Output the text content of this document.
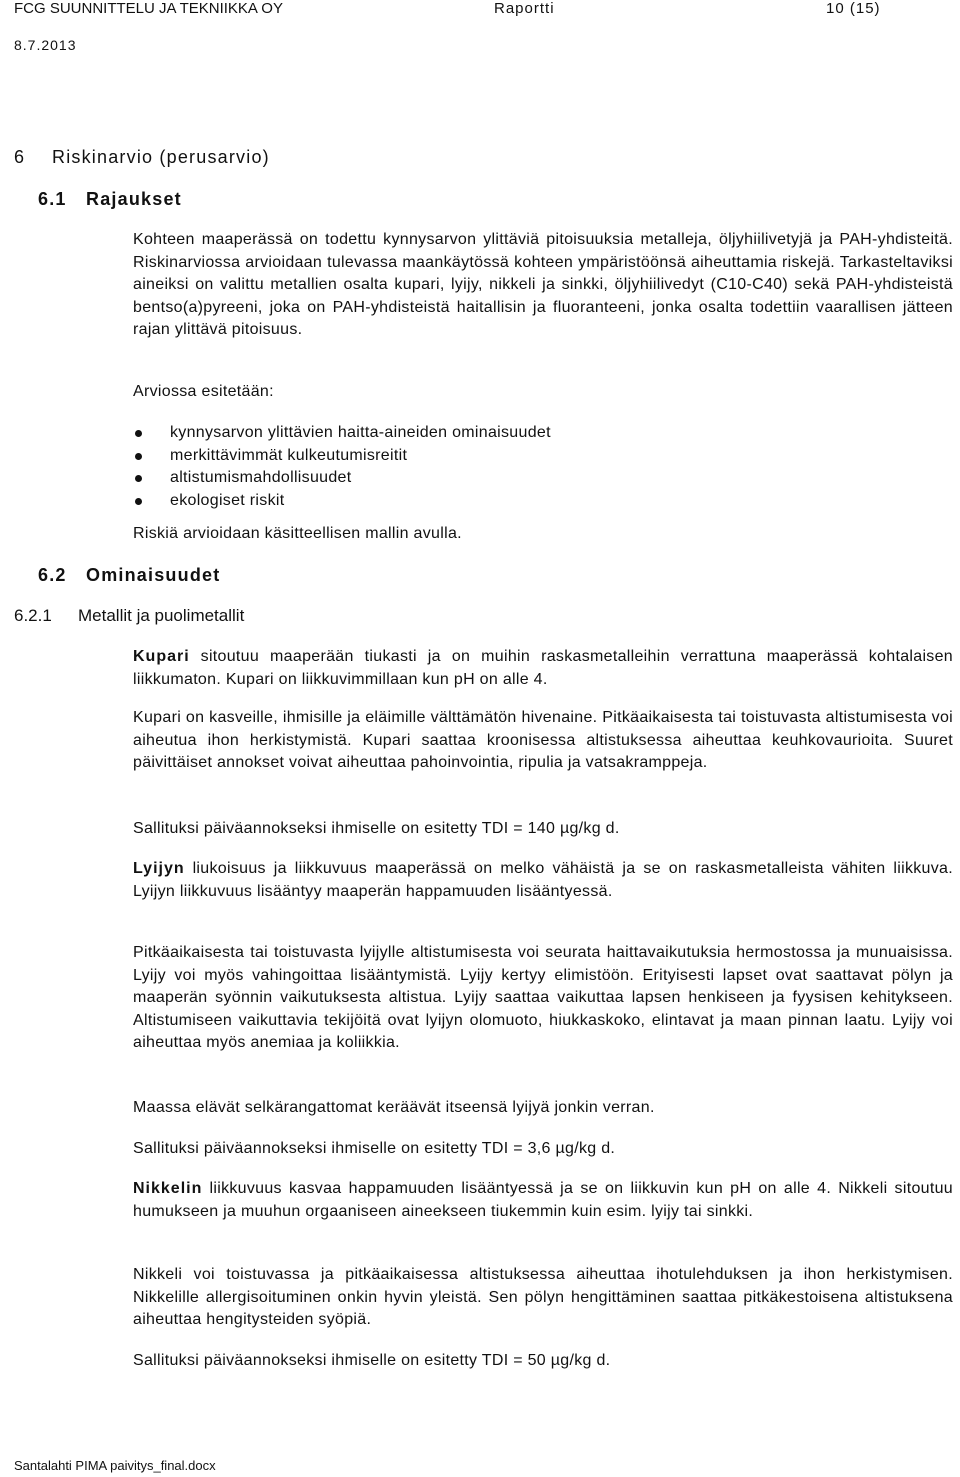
FCG SUUNNITTELU JA TEKNIIKKA OY	Raportti	10 (15)
8.7.2013
6 Riskinarvio (perusarvio)
6.1 Rajaukset
Kohteen maaperässä on todettu kynnysarvon ylittäviä pitoisuuksia metalleja, öljyhiilivetyjä ja PAH-yhdisteitä. Riskinarviossa arvioidaan tulevassa maankäytössä kohteen ympäristöönsä aiheuttamia riskejä. Tarkasteltaviksi aineiksi on valittu metallien osalta kupari, lyijy, nikkeli ja sinkki, öljyhiilivedyt (C10-C40) sekä PAH-yhdisteistä bentso(a)pyreeni, joka on PAH-yhdisteistä haitallisin ja fluoranteeni, jonka osalta todettiin vaarallisen jätteen rajan ylittävä pitoisuus.
Arviossa esitetään:
kynnysarvon ylittävien haitta-aineiden ominaisuudet
merkittävimmät kulkeutumisreitit
altistumismahdollisuudet
ekologiset riskit
Riskiä arvioidaan käsitteellisen mallin avulla.
6.2 Ominaisuudet
6.2.1 Metallit ja puolimetallit
Kupari sitoutuu maaperään tiukasti ja on muihin raskasmetalleihin verrattuna maaperässä kohtalaisen liikkumaton. Kupari on liikkuvimmillaan kun pH on alle 4.
Kupari on kasveille, ihmisille ja eläimille välttämätön hivenaine. Pitkäaikaisesta tai toistuvasta altistumisesta voi aiheutua ihon herkistymistä. Kupari saattaa kroonisessa altistuksessa aiheuttaa keuhkovaurioita. Suuret päivittäiset annokset voivat aiheuttaa pahoinvointia, ripulia ja vatsakramppeja.
Sallituksi päiväannokseksi ihmiselle on esitetty TDI = 140 µg/kg d.
Lyijyn liukoisuus ja liikkuvuus maaperässä on melko vähäistä ja se on raskasmetalleista vähiten liikkuva. Lyijyn liikkuvuus lisääntyy maaperän happamuuden lisääntyessä.
Pitkäaikaisesta tai toistuvasta lyijylle altistumisesta voi seurata haittavaikutuksia hermostossa ja munuaisissa. Lyijy voi myös vahingoittaa lisääntymistä. Lyijy kertyy elimistöön. Erityisesti lapset ovat saattavat pölyn ja maaperän syönnin vaikutuksesta altistua. Lyijy saattaa vaikuttaa lapsen henkiseen ja fyysisen kehitykseen. Altistumiseen vaikuttavia tekijöitä ovat lyijyn olomuoto, hiukkaskoko, elintavat ja maan pinnan laatu. Lyijy voi aiheuttaa myös anemiaa ja koliikkia.
Maassa elävät selkärangattomat keräävät itseensä lyijyä jonkin verran.
Sallituksi päiväannokseksi ihmiselle on esitetty TDI = 3,6 µg/kg d.
Nikkelin liikkuvuus kasvaa happamuuden lisääntyessä ja se on liikkuvin kun pH on alle 4. Nikkeli sitoutuu humukseen ja muuhun orgaaniseen aineekseen tiukemmin kuin esim. lyijy tai sinkki.
Nikkeli voi toistuvassa ja pitkäaikaisessa altistuksessa aiheuttaa ihotulehduksen ja ihon herkistymisen. Nikkelille allergisoituminen onkin hyvin yleistä. Sen pölyn hengittäminen saattaa pitkäkestoisena altistuksena aiheuttaa hengitysteiden syöpiä.
Sallituksi päiväannokseksi ihmiselle on esitetty TDI = 50 µg/kg d.
Santalahti PIMA paivitys_final.docx
